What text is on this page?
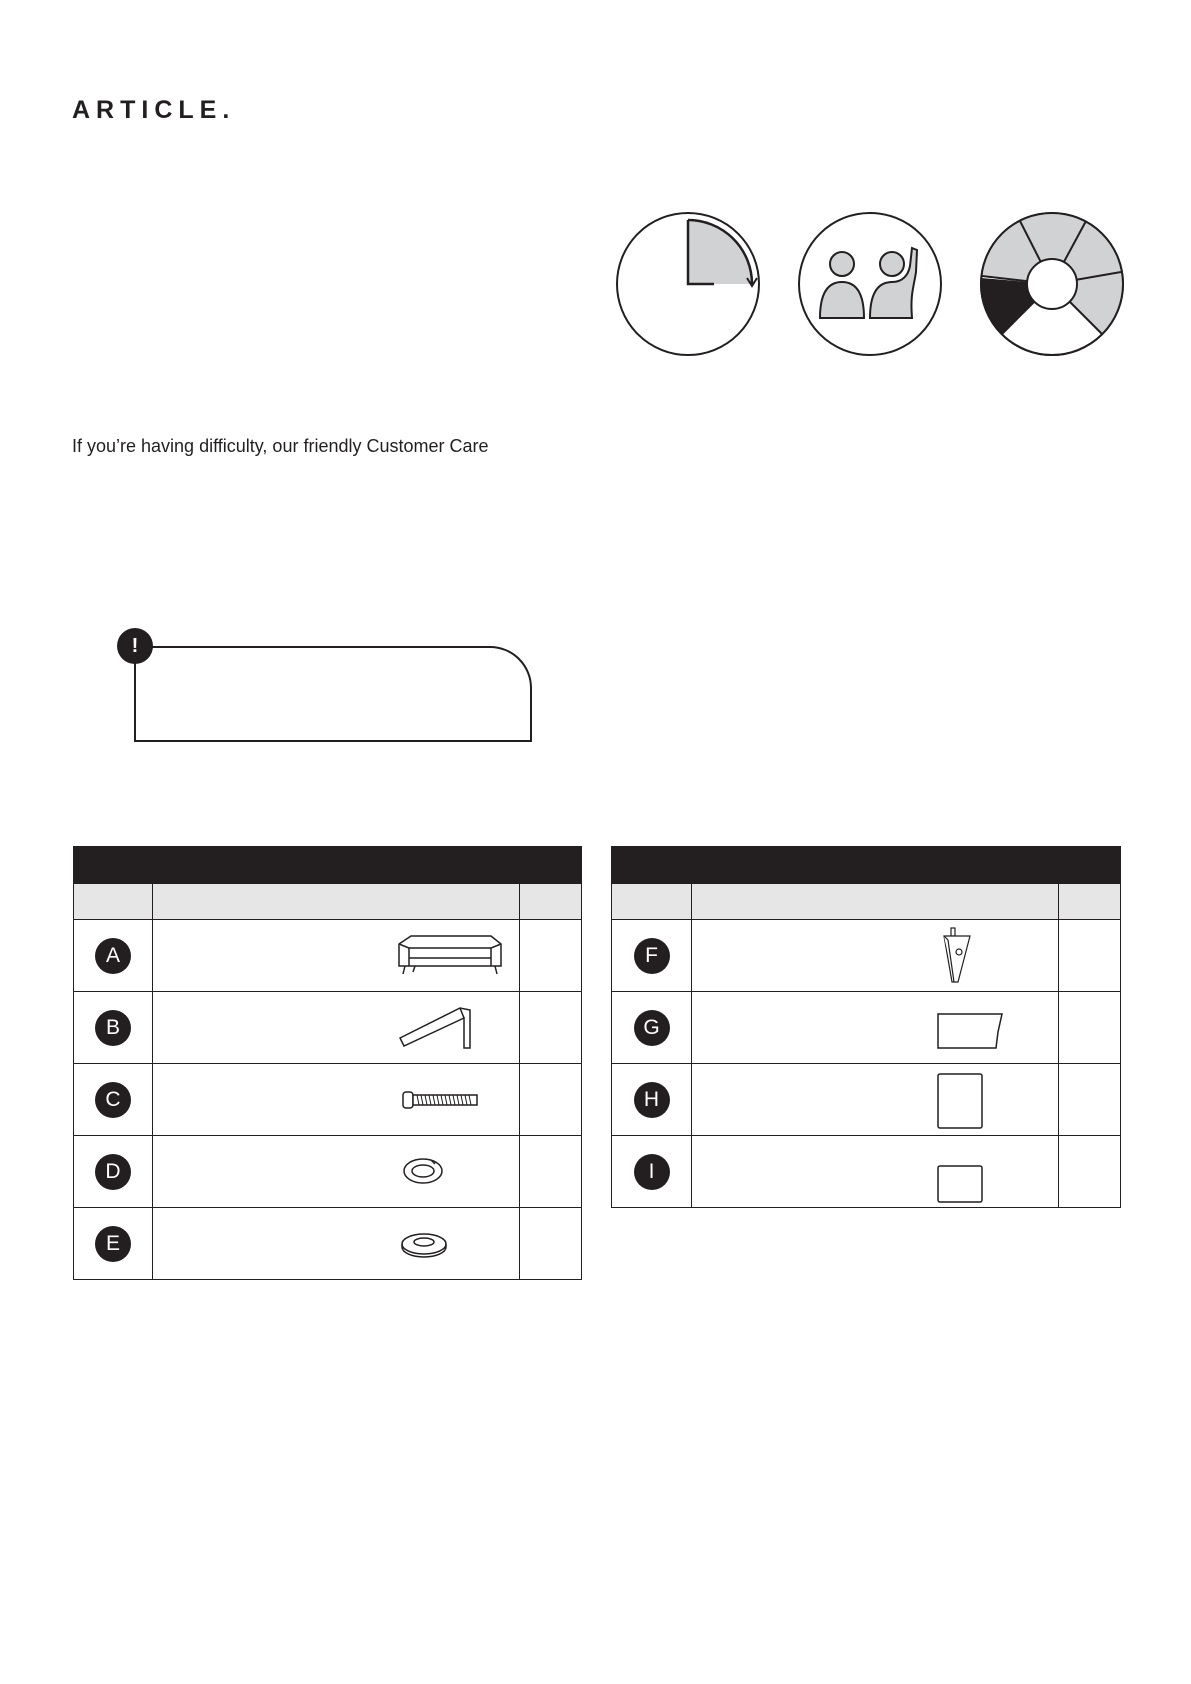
ARTICLE.
If you’re having difficulty, our friendly Customer Care
!

A

B

C

D

E

F

G

H

I
